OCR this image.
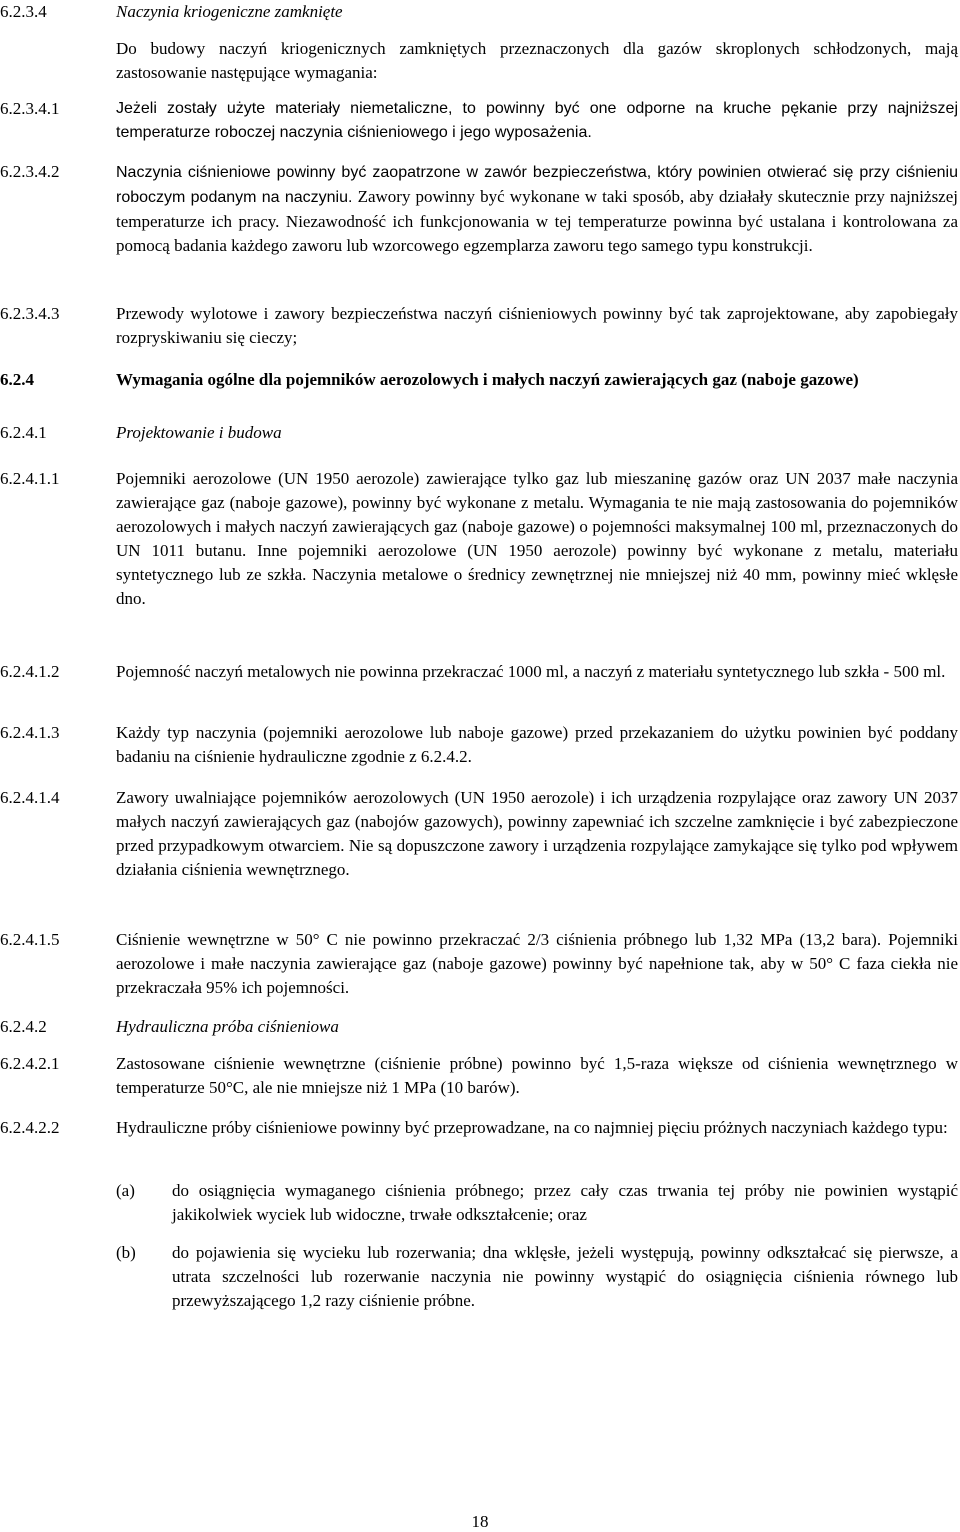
6.2.3.4	Naczynia kriogeniczne zamknięte
Do budowy naczyń kriogenicznych zamkniętych przeznaczonych dla gazów skroplonych schłodzonych, mają zastosowanie następujące wymagania:
6.2.3.4.1	Jeżeli zostały użyte materiały niemetaliczne, to powinny być one odporne na kruche pękanie przy najniższej temperaturze roboczej naczynia ciśnieniowego i jego wyposażenia.
6.2.3.4.2	Naczynia ciśnieniowe powinny być zaopatrzone w zawór bezpieczeństwa, który powinien otwierać się przy ciśnieniu roboczym podanym na naczyniu. Zawory powinny być wykonane w taki sposób, aby działały skutecznie przy najniższej temperaturze ich pracy. Niezawodność ich funkcjonowania w tej temperaturze powinna być ustalana i kontrolowana za pomocą badania każdego zaworu lub wzorcowego egzemplarza zaworu tego samego typu konstrukcji.
6.2.3.4.3	Przewody wylotowe i zawory bezpieczeństwa naczyń ciśnieniowych powinny być tak zaprojektowane, aby zapobiegały rozpryskiwaniu się cieczy;
6.2.4	Wymagania ogólne dla pojemników aerozolowych i małych naczyń zawierających gaz (naboje gazowe)
6.2.4.1	Projektowanie i budowa
6.2.4.1.1	Pojemniki aerozolowe (UN 1950 aerozole) zawierające tylko gaz lub mieszaninę gazów oraz UN 2037 małe naczynia zawierające gaz (naboje gazowe), powinny być wykonane z metalu. Wymagania te nie mają zastosowania do pojemników aerozolowych i małych naczyń zawierających gaz (naboje gazowe) o pojemności maksymalnej 100 ml, przeznaczonych do UN 1011 butanu. Inne pojemniki aerozolowe (UN 1950 aerozole) powinny być wykonane z metalu, materiału syntetycznego lub ze szkła. Naczynia metalowe o średnicy zewnętrznej nie mniejszej niż 40 mm, powinny mieć wklęsłe dno.
6.2.4.1.2	Pojemność naczyń metalowych nie powinna przekraczać 1000 ml, a naczyń z materiału syntetycznego lub szkła - 500 ml.
6.2.4.1.3	Każdy typ naczynia (pojemniki aerozolowe lub naboje gazowe) przed przekazaniem do użytku powinien być poddany badaniu na ciśnienie hydrauliczne zgodnie z 6.2.4.2.
6.2.4.1.4	Zawory uwalniające pojemników aerozolowych (UN 1950 aerozole) i ich urządzenia rozpylające oraz zawory UN 2037 małych naczyń zawierających gaz (nabojów gazowych), powinny zapewniać ich szczelne zamknięcie i być zabezpieczone przed przypadkowym otwarciem. Nie są dopuszczone zawory i urządzenia rozpylające zamykające się tylko pod wpływem działania ciśnienia wewnętrznego.
6.2.4.1.5	Ciśnienie wewnętrzne w 50° C nie powinno przekraczać 2/3 ciśnienia próbnego lub 1,32 MPa (13,2 bara). Pojemniki aerozolowe i małe naczynia zawierające gaz (naboje gazowe) powinny być napełnione tak, aby w 50° C faza ciekła nie przekraczała 95% ich pojemności.
6.2.4.2	Hydrauliczna próba ciśnieniowa
6.2.4.2.1	Zastosowane ciśnienie wewnętrzne (ciśnienie próbne) powinno być 1,5-raza większe od ciśnienia wewnętrznego w temperaturze 50°C, ale nie mniejsze niż 1 MPa (10 barów).
6.2.4.2.2	Hydrauliczne próby ciśnieniowe powinny być przeprowadzane, na co najmniej pięciu próżnych naczyniach każdego typu:
(a) do osiągnięcia wymaganego ciśnienia próbnego; przez cały czas trwania tej próby nie powinien wystąpić jakikolwiek wyciek lub widoczne, trwałe odkształcenie; oraz
(b) do pojawienia się wycieku lub rozerwania; dna wklęsłe, jeżeli występują, powinny odkształcać się pierwsze, a utrata szczelności lub rozerwanie naczynia nie powinny wystąpić do osiągnięcia ciśnienia równego lub przewyższającego 1,2 razy ciśnienie próbne.
18
